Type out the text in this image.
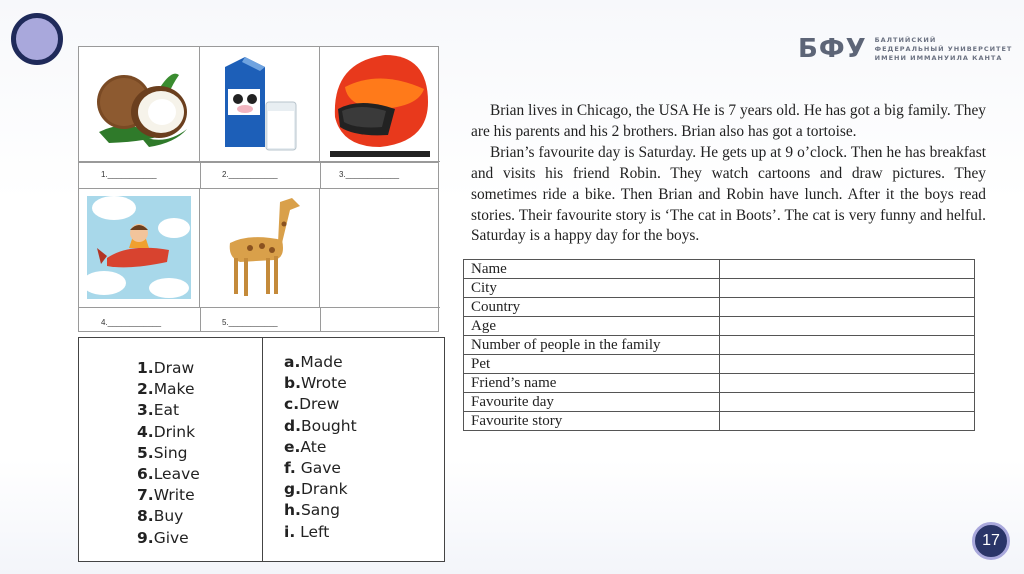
БФУ БАЛТИЙСКИЙ
ФЕДЕРАЛЬНЫЙ УНИВЕРСИТЕТ
ИМЕНИ ИММАНУИЛА КАНТА
1.___________	2.___________	3.____________
4.____________	5.___________
1.Draw
2.Make
3.Eat
4.Drink
5.Sing
6.Leave
7.Write
8.Buy
9.Give
a.Made
b.Wrote
c.Drew
d.Bought
e.Ate
f. Gave
g.Drank
h.Sang
i. Left

Brian lives in Chicago, the USA He is 7 years old. He has got a big family. They are his parents and his 2 brothers. Brian also has got a tortoise.

Brian’s favourite day is Saturday. He gets up at 9 o’clock. Then he has breakfast and visits his friend Robin. They watch cartoons and draw pictures. They sometimes ride a bike. Then Brian and Robin have lunch. After it the boys read stories. Their favourite story is ‘The cat in Boots’. The cat is very funny and helful. Saturday is a happy day for the boys.

Name	
City	
Country	
Age	
Number of people in the family	
Pet	
Friend’s name	
Favourite day	
Favourite story	
17
